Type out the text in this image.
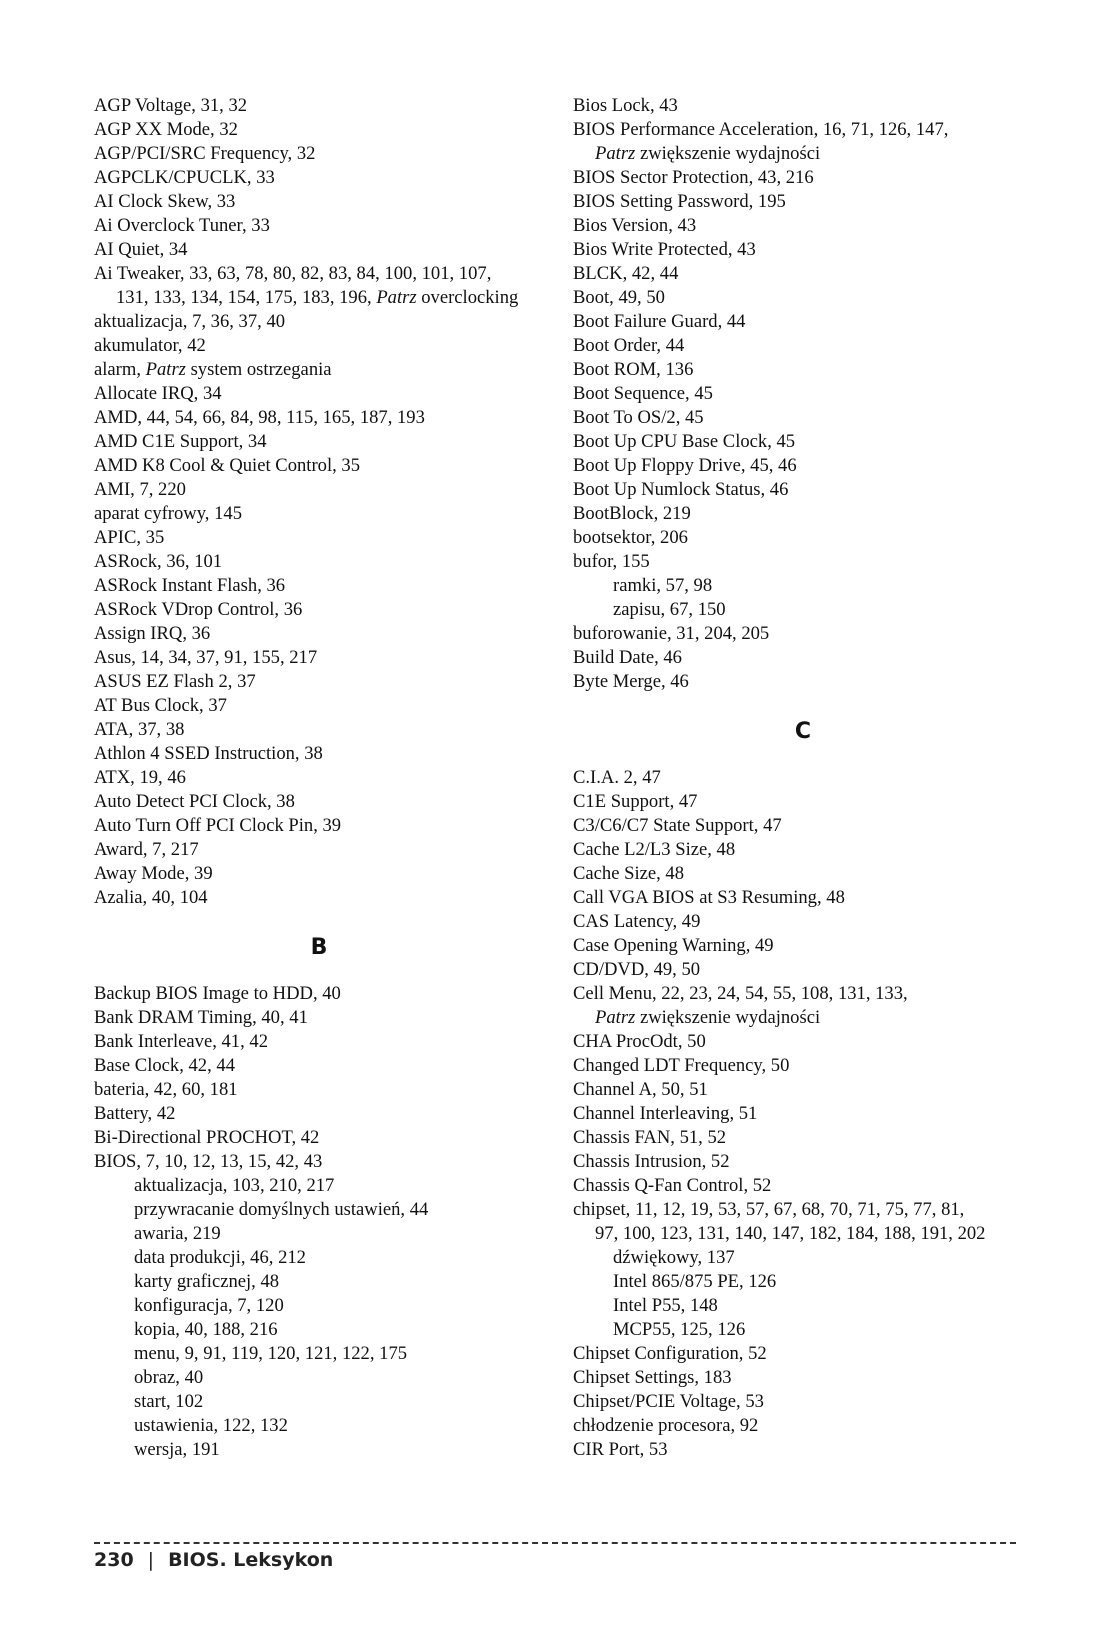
AGP Voltage, 31, 32
AGP XX Mode, 32
AGP/PCI/SRC Frequency, 32
AGPCLK/CPUCLK, 33
AI Clock Skew, 33
Ai Overclock Tuner, 33
AI Quiet, 34
Ai Tweaker, 33, 63, 78, 80, 82, 83, 84, 100, 101, 107,
131, 133, 134, 154, 175, 183, 196, Patrz overclocking
aktualizacja, 7, 36, 37, 40
akumulator, 42
alarm, Patrz system ostrzegania
Allocate IRQ, 34
AMD, 44, 54, 66, 84, 98, 115, 165, 187, 193
AMD C1E Support, 34
AMD K8 Cool & Quiet Control, 35
AMI, 7, 220
aparat cyfrowy, 145
APIC, 35
ASRock, 36, 101
ASRock Instant Flash, 36
ASRock VDrop Control, 36
Assign IRQ, 36
Asus, 14, 34, 37, 91, 155, 217
ASUS EZ Flash 2, 37
AT Bus Clock, 37
ATA, 37, 38
Athlon 4 SSED Instruction, 38
ATX, 19, 46
Auto Detect PCI Clock, 38
Auto Turn Off PCI Clock Pin, 39
Award, 7, 217
Away Mode, 39
Azalia, 40, 104
B
Backup BIOS Image to HDD, 40
Bank DRAM Timing, 40, 41
Bank Interleave, 41, 42
Base Clock, 42, 44
bateria, 42, 60, 181
Battery, 42
Bi-Directional PROCHOT, 42
BIOS, 7, 10, 12, 13, 15, 42, 43
aktualizacja, 103, 210, 217
przywracanie domyślnych ustawień, 44
awaria, 219
data produkcji, 46, 212
karty graficznej, 48
konfiguracja, 7, 120
kopia, 40, 188, 216
menu, 9, 91, 119, 120, 121, 122, 175
obraz, 40
start, 102
ustawienia, 122, 132
wersja, 191
Bios Lock, 43
BIOS Performance Acceleration, 16, 71, 126, 147,
Patrz zwiększenie wydajności
BIOS Sector Protection, 43, 216
BIOS Setting Password, 195
Bios Version, 43
Bios Write Protected, 43
BLCK, 42, 44
Boot, 49, 50
Boot Failure Guard, 44
Boot Order, 44
Boot ROM, 136
Boot Sequence, 45
Boot To OS/2, 45
Boot Up CPU Base Clock, 45
Boot Up Floppy Drive, 45, 46
Boot Up Numlock Status, 46
BootBlock, 219
bootsektor, 206
bufor, 155
ramki, 57, 98
zapisu, 67, 150
buforowanie, 31, 204, 205
Build Date, 46
Byte Merge, 46
C
C.I.A. 2, 47
C1E Support, 47
C3/C6/C7 State Support, 47
Cache L2/L3 Size, 48
Cache Size, 48
Call VGA BIOS at S3 Resuming, 48
CAS Latency, 49
Case Opening Warning, 49
CD/DVD, 49, 50
Cell Menu, 22, 23, 24, 54, 55, 108, 131, 133,
Patrz zwiększenie wydajności
CHA ProcOdt, 50
Changed LDT Frequency, 50
Channel A, 50, 51
Channel Interleaving, 51
Chassis FAN, 51, 52
Chassis Intrusion, 52
Chassis Q-Fan Control, 52
chipset, 11, 12, 19, 53, 57, 67, 68, 70, 71, 75, 77, 81,
97, 100, 123, 131, 140, 147, 182, 184, 188, 191, 202
dźwiękowy, 137
Intel 865/875 PE, 126
Intel P55, 148
MCP55, 125, 126
Chipset Configuration, 52
Chipset Settings, 183
Chipset/PCIE Voltage, 53
chłodzenie procesora, 92
CIR Port, 53
230 | BIOS. Leksykon
